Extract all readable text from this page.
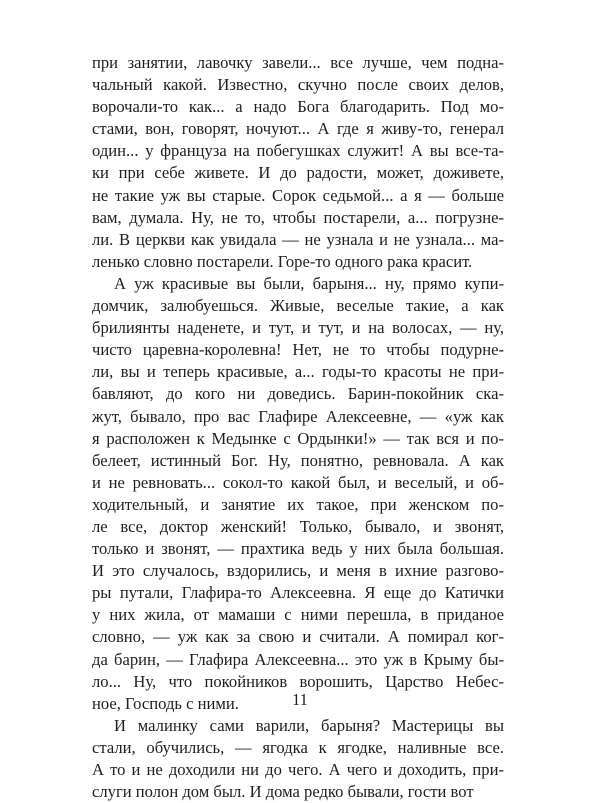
при занятии, лавочку завели... все лучше, чем подна-
чальный какой. Известно, скучно после своих делов,
ворочали-то как... а надо Бога благодарить. Под мо-
стами, вон, говорят, ночуют... А где я живу-то, генерал
один... у француза на побегушках служит! А вы все-та-
ки при себе живете. И до радости, может, доживете,
не такие уж вы старые. Сорок седьмой... а я — больше
вам, думала. Ну, не то, чтобы постарели, а... погрузне-
ли. В церкви как увидала — не узнала и не узнала... ма-
ленько словно постарели. Горе-то одного рака красит.
А уж красивые вы были, барыня... ну, прямо купи-
домчик, залюбуешься. Живые, веселые такие, а как
брилиянты наденете, и тут, и тут, и на волосах, — ну,
чисто царевна-королевна! Нет, не то чтобы подурне-
ли, вы и теперь красивые, а... годы-то красоты не при-
бавляют, до кого ни доведись. Барин-покойник ска-
жут, бывало, про вас Глафире Алексеевне, — «уж как
я расположен к Медынке с Ордынки!» — так вся и по-
белеет, истинный Бог. Ну, понятно, ревновала. А как
и не ревновать... сокол-то какой был, и веселый, и об-
ходительный, и занятие их такое, при женском по-
ле все, доктор женский! Только, бывало, и звонят,
только и звонят, — прахтика ведь у них была большая.
И это случалось, вздорились, и меня в ихние разгово-
ры путали, Глафира-то Алексеевна. Я еще до Катички
у них жила, от мамаши с ними перешла, в приданое
словно, — уж как за свою и считали. А помирал ког-
да барин, — Глафира Алексеевна... это уж в Крыму бы-
ло... Ну, что покойников ворошить, Царство Небес-
ное, Господь с ними.
И малинку сами варили, барыня? Мастерицы вы
стали, обучились, — ягодка к ягодке, наливные все.
А то и не доходили ни до чего. А чего и доходить, при-
слуги полон дом был. И дома редко бывали, гости вот
11
